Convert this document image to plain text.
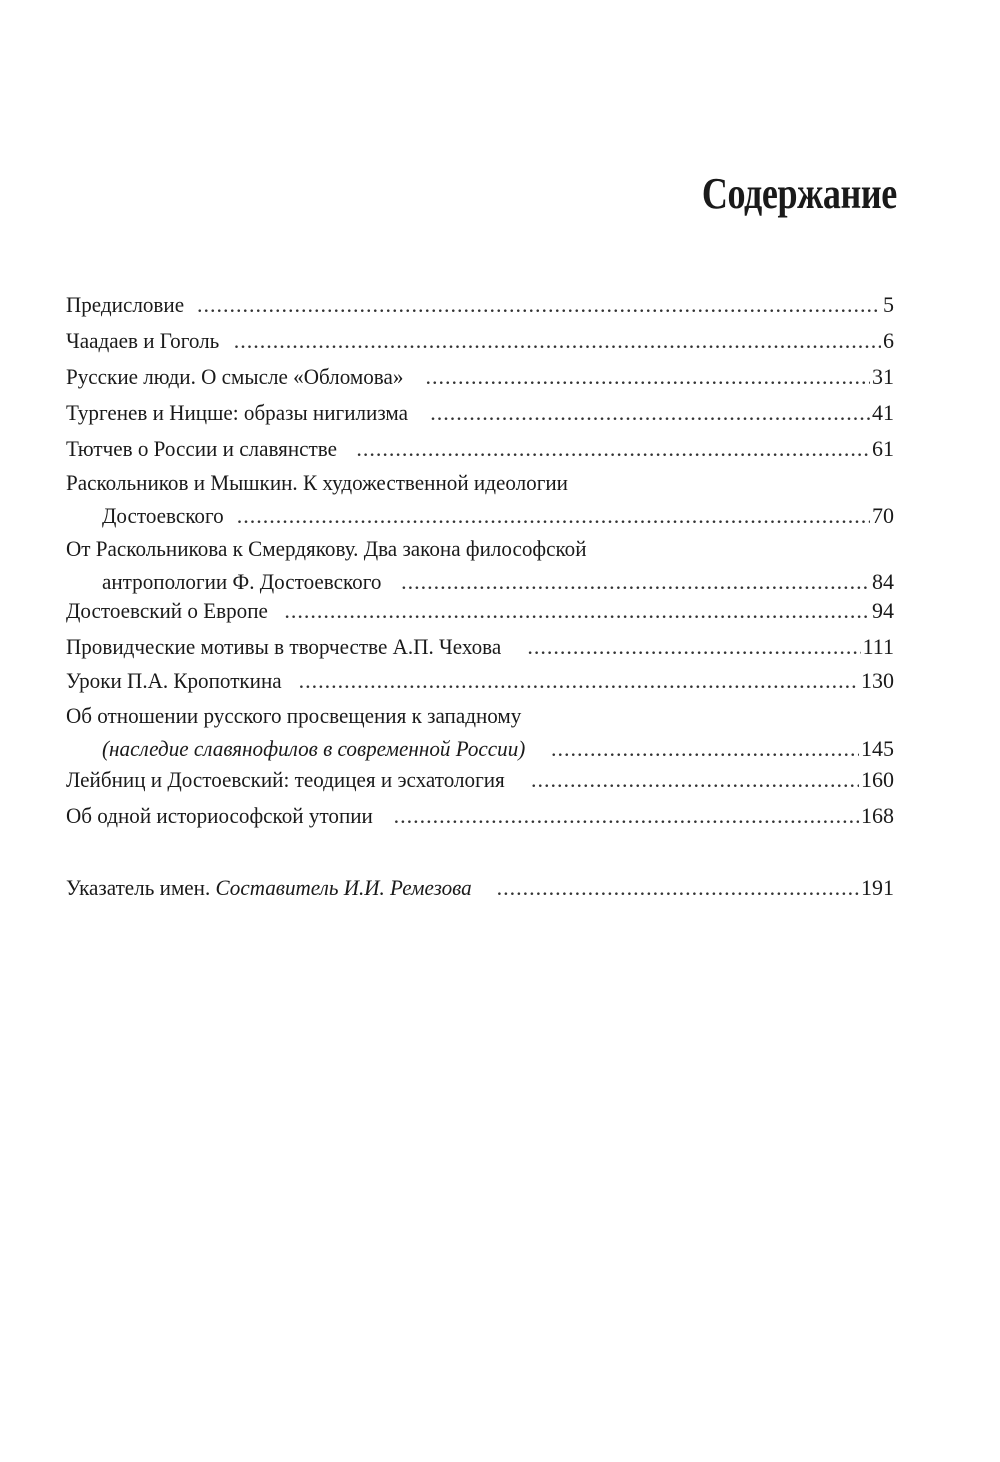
Содержание
Предисловие .....	5
Чаадаев и Гоголь .....	6
Русские люди. О смысле «Обломова» .....	31
Тургенев и Ницше: образы нигилизма .....	41
Тютчев о России и славянстве .....	61
Раскольников и Мышкин. К художественной идеологии
Достоевского .....	70
От Раскольникова к Смердякову. Два закона философской
антропологии Ф. Достоевского .....	84
Достоевский о Европе .....	94
Провидческие мотивы в творчестве А.П. Чехова .....	111
Уроки П.А. Кропоткина .....	130
Об отношении русского просвещения к западному
(наследие славянофилов в современной России) .....	145
Лейбниц и Достоевский: теодицея и эсхатология .....	160
Об одной историософской утопии .....	168
Указатель имен. Составитель И.И. Ремезова .....	191
